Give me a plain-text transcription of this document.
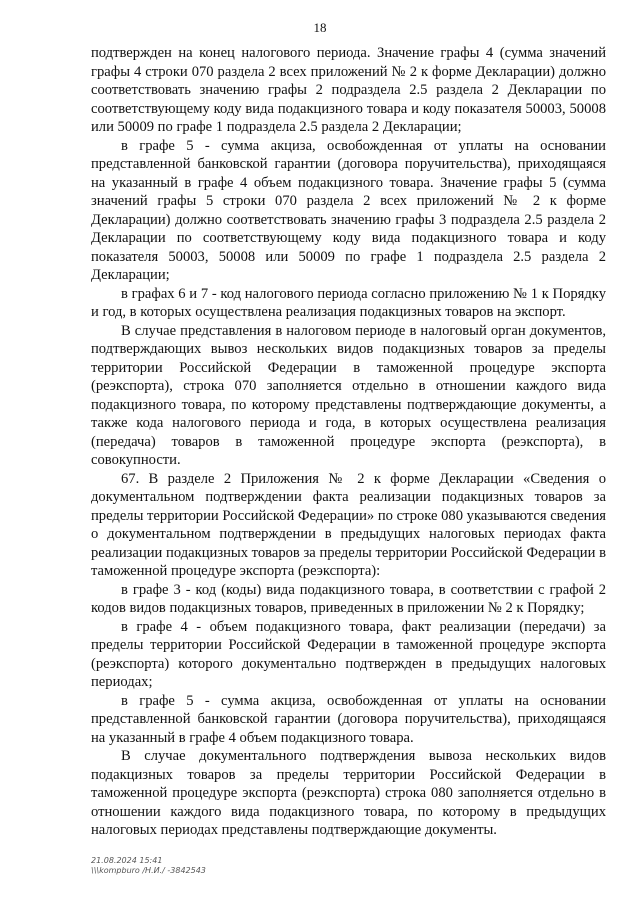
18

подтвержден на конец налогового периода. Значение графы 4 (сумма значений графы 4 строки 070 раздела 2 всех приложений № 2 к форме Декларации) должно соответствовать значению графы 2 подраздела 2.5 раздела 2 Декларации по соответствующему коду вида подакцизного товара и коду показателя 50003, 50008 или 50009 по графе 1 подраздела 2.5 раздела 2 Декларации;

в графе 5 - сумма акциза, освобожденная от уплаты на основании представленной банковской гарантии (договора поручительства), приходящаяся на указанный в графе 4 объем подакцизного товара. Значение графы 5 (сумма значений графы 5 строки 070 раздела 2 всех приложений № 2 к форме Декларации) должно соответствовать значению графы 3 подраздела 2.5 раздела 2 Декларации по соответствующему коду вида подакцизного товара и коду показателя 50003, 50008 или 50009 по графе 1 подраздела 2.5 раздела 2 Декларации;

в графах 6 и 7 - код налогового периода согласно приложению № 1 к Порядку и год, в которых осуществлена реализация подакцизных товаров на экспорт.

В случае представления в налоговом периоде в налоговый орган документов, подтверждающих вывоз нескольких видов подакцизных товаров за пределы территории Российской Федерации в таможенной процедуре экспорта (реэкспорта), строка 070 заполняется отдельно в отношении каждого вида подакцизного товара, по которому представлены подтверждающие документы, а также кода налогового периода и года, в которых осуществлена реализация (передача) товаров в таможенной процедуре экспорта (реэкспорта), в совокупности.

67. В разделе 2 Приложения № 2 к форме Декларации «Сведения о документальном подтверждении факта реализации подакцизных товаров за пределы территории Российской Федерации» по строке 080 указываются сведения о документальном подтверждении в предыдущих налоговых периодах факта реализации подакцизных товаров за пределы территории Российской Федерации в таможенной процедуре экспорта (реэкспорта):

в графе 3 - код (коды) вида подакцизного товара, в соответствии с графой 2 кодов видов подакцизных товаров, приведенных в приложении № 2 к Порядку;

в графе 4 - объем подакцизного товара, факт реализации (передачи) за пределы территории Российской Федерации в таможенной процедуре экспорта (реэкспорта) которого документально подтвержден в предыдущих налоговых периодах;

в графе 5 - сумма акциза, освобожденная от уплаты на основании представленной банковской гарантии (договора поручительства), приходящаяся на указанный в графе 4 объем подакцизного товара.

В случае документального подтверждения вывоза нескольких видов подакцизных товаров за пределы территории Российской Федерации в таможенной процедуре экспорта (реэкспорта) строка 080 заполняется отдельно в отношении каждого вида подакцизного товара, по которому в предыдущих налоговых периодах представлены подтверждающие документы.

21.08.2024 15:41
\\\kompburo /Н.И./ -3842543
